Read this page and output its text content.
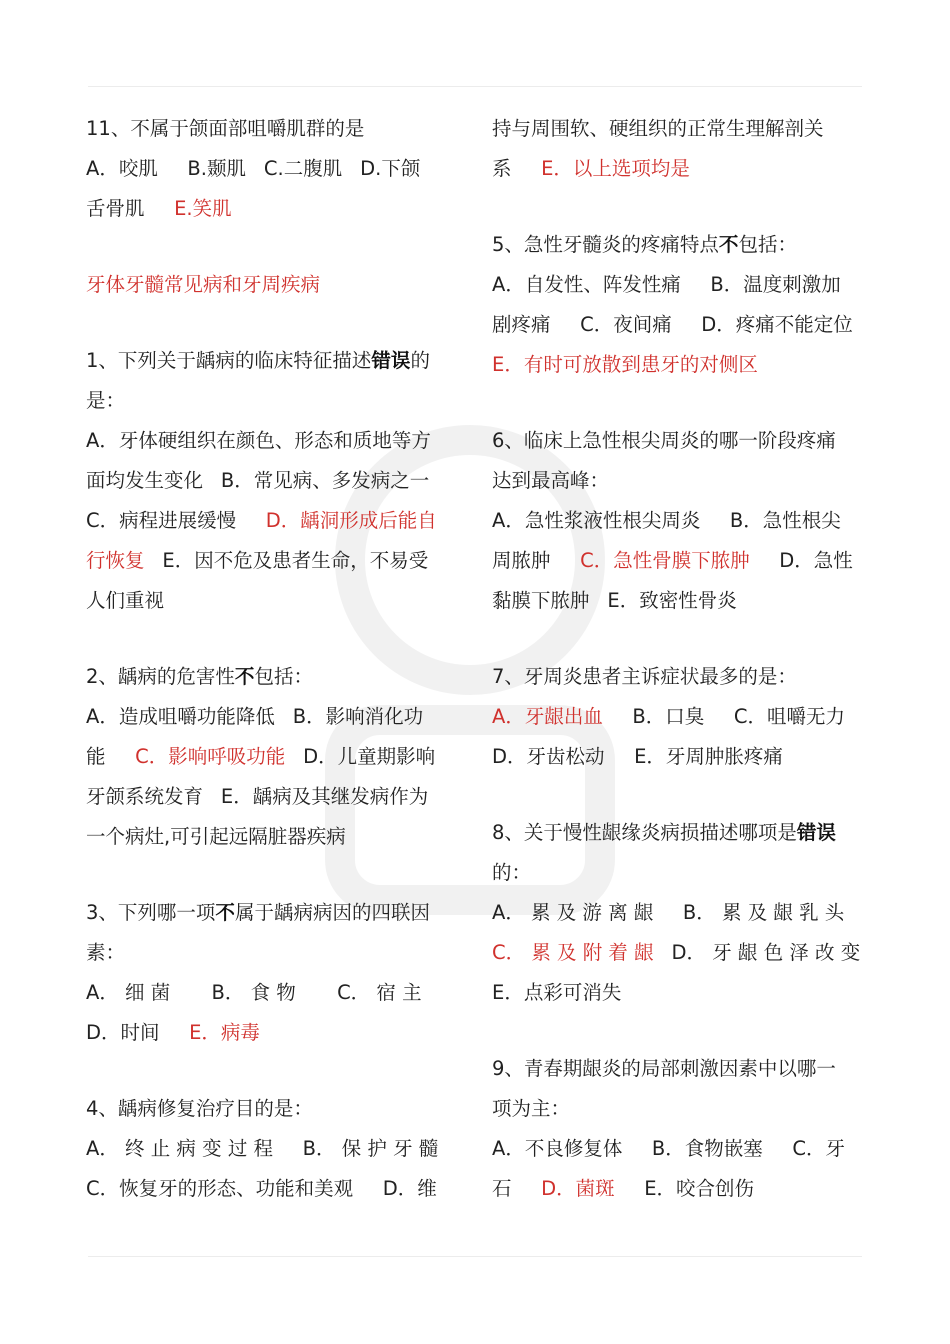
11、不属于颌面部咀嚼肌群的是
A．咬肌 B.颞肌 C.二腹肌 D.下颌
舌骨肌 E.笑肌
牙体牙髓常见病和牙周疾病
1、下列关于龋病的临床特征描述错误的
是：
A．牙体硬组织在颜色、形态和质地等方
面均发生变化 B．常见病、多发病之一
C．病程进展缓慢 D．龋洞形成后能自
行恢复 E．因不危及患者生命，不易受
人们重视
2、龋病的危害性不包括：
A．造成咀嚼功能降低 B．影响消化功
能 C．影响呼吸功能 D．儿童期影响
牙颌系统发育 E．龋病及其继发病作为
一个病灶,可引起远隔脏器疾病
3、下列哪一项不属于龋病病因的四联因
素：
A． 细 菌 B． 食 物 C． 宿 主
D．时间 E．病毒
4、龋病修复治疗目的是：
A． 终 止 病 变 过 程 B． 保 护 牙 髓
C．恢复牙的形态、功能和美观 D．维
持与周围软、硬组织的正常生理解剖关
系 E．以上选项均是
5、急性牙髓炎的疼痛特点不包括：
A．自发性、阵发性痛 B．温度刺激加
剧疼痛 C．夜间痛 D．疼痛不能定位
E．有时可放散到患牙的对侧区
6、临床上急性根尖周炎的哪一阶段疼痛
达到最高峰：
A．急性浆液性根尖周炎 B．急性根尖
周脓肿 C．急性骨膜下脓肿 D．急性
黏膜下脓肿 E．致密性骨炎
7、牙周炎患者主诉症状最多的是：
A．牙龈出血 B．口臭 C．咀嚼无力
D．牙齿松动 E．牙周肿胀疼痛
8、关于慢性龈缘炎病损描述哪项是错误
的：
A． 累 及 游 离 龈 B． 累 及 龈 乳 头
C． 累 及 附 着 龈 D． 牙 龈 色 泽 改 变
E．点彩可消失
9、青春期龈炎的局部刺激因素中以哪一
项为主：
A．不良修复体 B．食物嵌塞 C．牙
石 D．菌斑 E．咬合创伤
